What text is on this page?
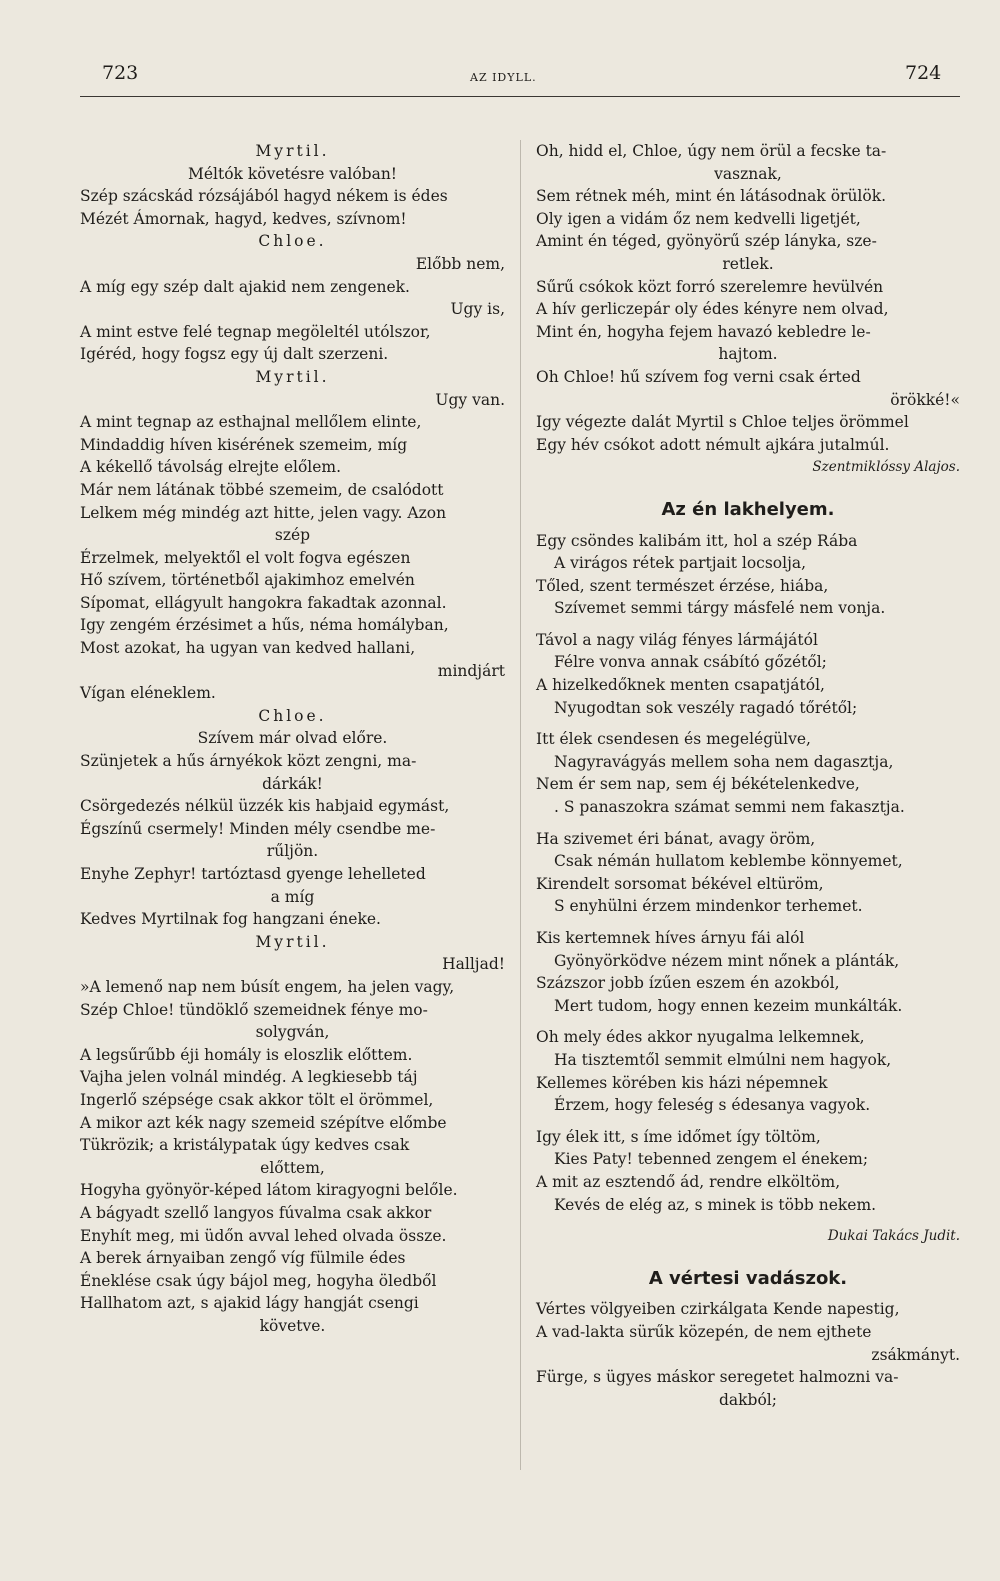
723	AZ IDYLL.	724
Myrtil.
Méltók követésre valóban!
Szép szácskád rózsájából hagyd nékem is édes
Mézét Ámornak, hagyd, kedves, szívnom!
Chloe.
Előbb nem,
A míg egy szép dalt ajakid nem zengenek.
Ugy is,
A mint estve felé tegnap megöleltél utólszor,
Igéréd, hogy fogsz egy új dalt szerzeni.
Myrtil.
Ugy van.
A mint tegnap az esthajnal mellőlem elinte,
Mindaddig híven kisérének szemeim, míg
A kékellő távolság elrejte előlem.
Már nem látának többé szemeim, de csalódott
Lelkem még mindég azt hitte, jelen vagy. Azon
szép
Érzelmek, melyektől el volt fogva egészen
Hő szívem, történetből ajakimhoz emelvén
Sípomat, ellágyult hangokra fakadtak azonnal.
Igy zengém érzésimet a hűs, néma homályban,
Most azokat, ha ugyan van kedved hallani,
mindjárt
Vígan eléneklem.
Chloe.
Szívem már olvad előre.
Szünjetek a hűs árnyékok közt zengni, ma-
dárkák!
Csörgedezés nélkül üzzék kis habjaid egymást,
Égszínű csermely! Minden mély csendbe me-
rűljön.
Enyhe Zephyr! tartóztasd gyenge lehelleted
a míg
Kedves Myrtilnak fog hangzani éneke.
Myrtil.
Halljad!
»A lemenő nap nem búsít engem, ha jelen vagy,
Szép Chloe! tündöklő szemeidnek fénye mo-
solygván,
A legsűrűbb éji homály is eloszlik előttem.
Vajha jelen volnál mindég. A legkiesebb táj
Ingerlő szépsége csak akkor tölt el örömmel,
A mikor azt kék nagy szemeid szépítve előmbe
Tükrözik; a kristálypatak úgy kedves csak
előttem,
Hogyha gyönyör-képed látom kiragyogni belőle.
A bágyadt szellő langyos fúvalma csak akkor
Enyhít meg, mi üdőn avval lehed olvada össze.
A berek árnyaiban zengő víg fülmile édes
Éneklése csak úgy bájol meg, hogyha öledből
Hallhatom azt, s ajakid lágy hangját csengi
követve.
Oh, hidd el, Chloe, úgy nem örül a fecske ta-
vasznak,
Sem rétnek méh, mint én látásodnak örülök.
Oly igen a vidám őz nem kedvelli ligetjét,
Amint én téged, gyönyörű szép lányka, sze-
retlek.
Sűrű csókok közt forró szerelemre hevülvén
A hív gerliczepár oly édes kényre nem olvad,
Mint én, hogyha fejem havazó kebledre le-
hajtom.
Oh Chloe! hű szívem fog verni csak érted
örökké!«
Igy végezte dalát Myrtil s Chloe teljes örömmel
Egy hév csókot adott némult ajkára jutalmúl.
Szentmiklóssy Alajos.
Az én lakhelyem.
Egy csöndes kalibám itt, hol a szép Rába
A virágos rétek partjait locsolja,
Tőled, szent természet érzése, hiába,
Szívemet semmi tárgy másfelé nem vonja.
Távol a nagy világ fényes lármájától
Félre vonva annak csábító gőzétől;
A hizelkedőknek menten csapatjától,
Nyugodtan sok veszély ragadó tőrétől;
Itt élek csendesen és megelégülve,
Nagyravágyás mellem soha nem dagasztja,
Nem ér sem nap, sem éj békételenkedve,
. S panaszokra számat semmi nem fakasztja.
Ha szivemet éri bánat, avagy öröm,
Csak némán hullatom keblembe könnyemet,
Kirendelt sorsomat békével eltüröm,
S enyhülni érzem mindenkor terhemet.
Kis kertemnek híves árnyu fái alól
Gyönyörködve nézem mint nőnek a plánták,
Százszor jobb ízűen eszem én azokból,
Mert tudom, hogy ennen kezeim munkálták.
Oh mely édes akkor nyugalma lelkemnek,
Ha tisztemtől semmit elmúlni nem hagyok,
Kellemes körében kis házi népemnek
Érzem, hogy feleség s édesanya vagyok.
Igy élek itt, s íme időmet így töltöm,
Kies Paty! tebenned zengem el énekem;
A mit az esztendő ád, rendre elköltöm,
Kevés de elég az, s minek is több nekem.
Dukai Takács Judit.
A vértesi vadászok.
Vértes völgyeiben czirkálgata Kende napestig,
A vad-lakta sürűk közepén, de nem ejthete
zsákmányt.
Fürge, s ügyes máskor seregetet halmozni va-
dakból;
